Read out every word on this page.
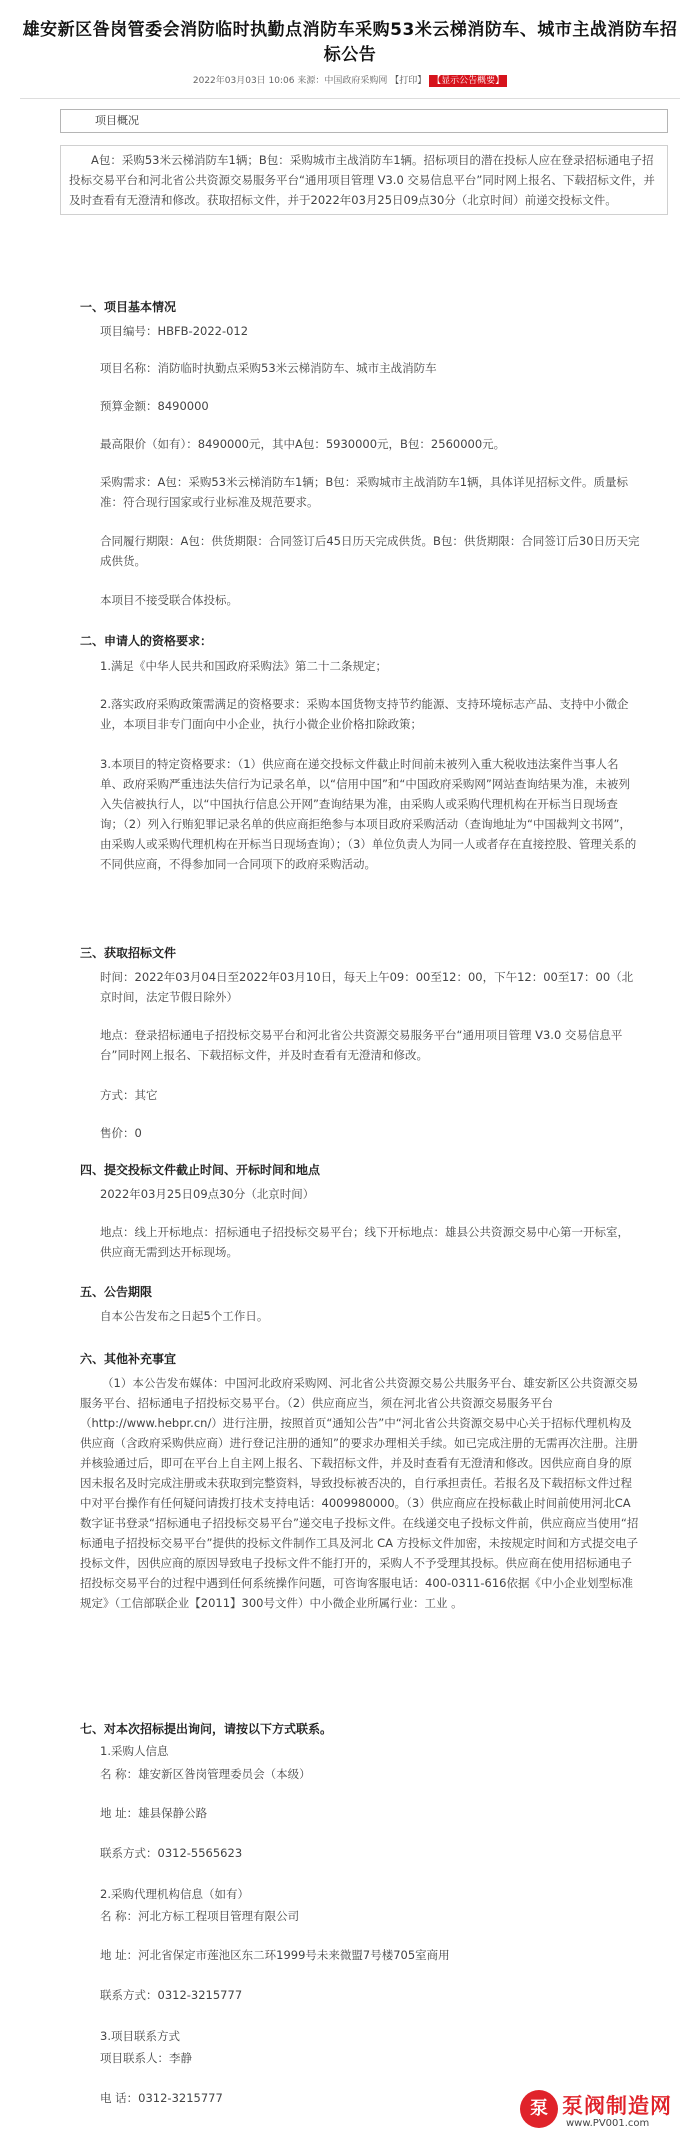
雄安新区昝岗管委会消防临时执勤点消防车采购53米云梯消防车、城市主战消防车招标公告
2022年03月03日 10:06 来源：中国政府采购网 【打印】 【显示公告概要】
项目概况
A包：采购53米云梯消防车1辆；B包：采购城市主战消防车1辆。招标项目的潜在投标人应在登录招标通电子招投标交易平台和河北省公共资源交易服务平台“通用项目管理 V3.0 交易信息平台”同时网上报名、下载招标文件，并及时查看有无澄清和修改。获取招标文件，并于2022年03月25日09点30分（北京时间）前递交投标文件。
一、项目基本情况
项目编号：HBFB-2022-012
项目名称：消防临时执勤点采购53米云梯消防车、城市主战消防车
预算金额：8490000
最高限价（如有）：8490000元，其中A包：5930000元，B包：2560000元。
采购需求：A包：采购53米云梯消防车1辆；B包：采购城市主战消防车1辆，具体详见招标文件。质量标准：符合现行国家或行业标准及规范要求。
合同履行期限：A包：供货期限：合同签订后45日历天完成供货。B包：供货期限：合同签订后30日历天完成供货。
本项目不接受联合体投标。
二、申请人的资格要求：
1.满足《中华人民共和国政府采购法》第二十二条规定；
2.落实政府采购政策需满足的资格要求：采购本国货物支持节约能源、支持环境标志产品、支持中小微企业，本项目非专门面向中小企业，执行小微企业价格扣除政策；
3.本项目的特定资格要求：（1）供应商在递交投标文件截止时间前未被列入重大税收违法案件当事人名单、政府采购严重违法失信行为记录名单，以“信用中国”和“中国政府采购网”网站查询结果为准，未被列入失信被执行人，以“中国执行信息公开网”查询结果为准，由采购人或采购代理机构在开标当日现场查询；（2）列入行贿犯罪记录名单的供应商拒绝参与本项目政府采购活动（查询地址为“中国裁判文书网”，由采购人或采购代理机构在开标当日现场查询）；（3）单位负责人为同一人或者存在直接控股、管理关系的不同供应商，不得参加同一合同项下的政府采购活动。
三、获取招标文件
时间：2022年03月04日至2022年03月10日，每天上午09：00至12：00，下午12：00至17：00（北京时间，法定节假日除外）
地点：登录招标通电子招投标交易平台和河北省公共资源交易服务平台“通用项目管理 V3.0 交易信息平台”同时网上报名、下载招标文件，并及时查看有无澄清和修改。
方式：其它
售价：0
四、提交投标文件截止时间、开标时间和地点
2022年03月25日09点30分（北京时间）
地点：线上开标地点：招标通电子招投标交易平台；线下开标地点：雄县公共资源交易中心第一开标室，供应商无需到达开标现场。
五、公告期限
自本公告发布之日起5个工作日。
六、其他补充事宜
（1）本公告发布媒体：中国河北政府采购网、河北省公共资源交易公共服务平台、雄安新区公共资源交易服务平台、招标通电子招投标交易平台。（2）供应商应当，须在河北省公共资源交易服务平台（http://www.hebpr.cn/）进行注册，按照首页“通知公告”中“河北省公共资源交易中心关于招标代理机构及供应商（含政府采购供应商）进行登记注册的通知”的要求办理相关手续。如已完成注册的无需再次注册。注册并核验通过后，即可在平台上自主网上报名、下载招标文件，并及时查看有无澄清和修改。因供应商自身的原因未报名及时完成注册或未获取到完整资料，导致投标被否决的，自行承担责任。若报名及下载招标文件过程中对平台操作有任何疑问请拨打技术支持电话：4009980000。（3）供应商应在投标截止时间前使用河北CA 数字证书登录“招标通电子招投标交易平台”递交电子投标文件。在线递交电子投标文件前，供应商应当使用“招标通电子招投标交易平台”提供的投标文件制作工具及河北 CA 方投标文件加密，未按规定时间和方式提交电子投标文件，因供应商的原因导致电子投标文件不能打开的，采购人不予受理其投标。供应商在使用招标通电子招投标交易平台的过程中遇到任何系统操作问题，可咨询客服电话：400-0311-616依据《中小企业划型标准规定》（工信部联企业【2011】300号文件）中小微企业所属行业：工业 。
七、对本次招标提出询问，请按以下方式联系。
1.采购人信息
名 称：雄安新区昝岗管理委员会（本级）
地 址：雄县保静公路
联系方式：0312-5565623
2.采购代理机构信息（如有）
名 称：河北方标工程项目管理有限公司
地 址：河北省保定市莲池区东二环1999号未来微盟7号楼705室商用
联系方式：0312-3215777
3.项目联系方式
项目联系人：李静
电 话：0312-3215777	泵 泵阀制造网
www.PV001.com
